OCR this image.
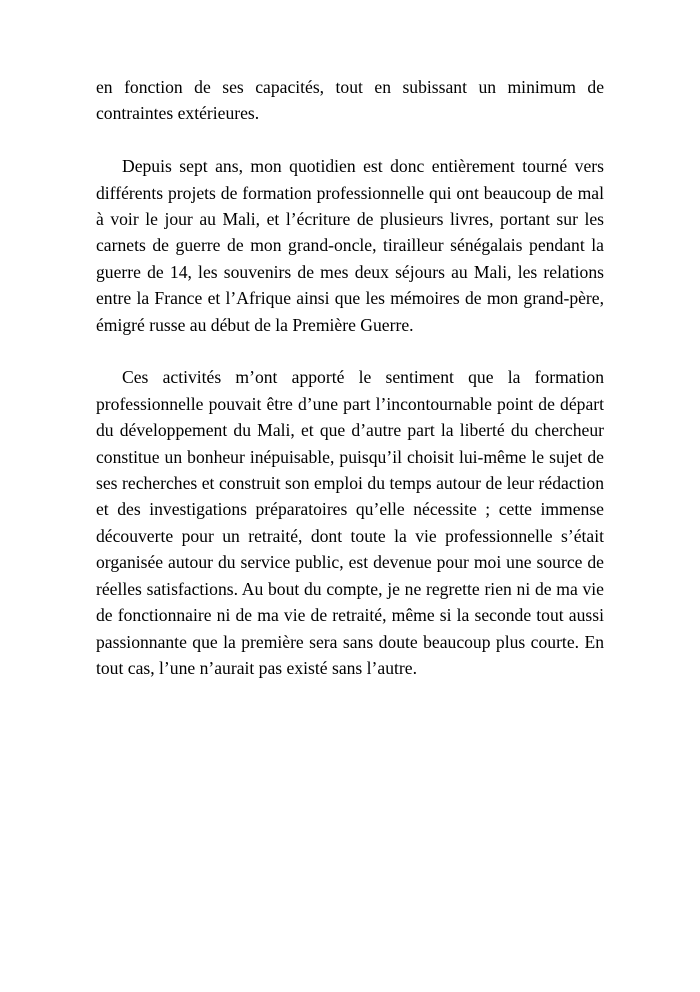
en fonction de ses capacités, tout en subissant un minimum de contraintes extérieures.

Depuis sept ans, mon quotidien est donc entièrement tourné vers différents projets de formation professionnelle qui ont beaucoup de mal à voir le jour au Mali, et l’écriture de plusieurs livres, portant sur les carnets de guerre de mon grand-oncle, tirailleur sénégalais pendant la guerre de 14, les souvenirs de mes deux séjours au Mali, les relations entre la France et l’Afrique ainsi que les mémoires de mon grand-père, émigré russe au début de la Première Guerre.

Ces activités m’ont apporté le sentiment que la formation professionnelle pouvait être d’une part l’incontournable point de départ du développement du Mali, et que d’autre part la liberté du chercheur constitue un bonheur inépuisable, puisqu’il choisit lui-même le sujet de ses recherches et construit son emploi du temps autour de leur rédaction et des investigations préparatoires qu’elle nécessite ; cette immense découverte pour un retraité, dont toute la vie professionnelle s’était organisée autour du service public, est devenue pour moi une source de réelles satisfactions. Au bout du compte, je ne regrette rien ni de ma vie de fonctionnaire ni de ma vie de retraité, même si la seconde tout aussi passionnante que la première sera sans doute beaucoup plus courte. En tout cas, l’une n’aurait pas existé sans l’autre.
